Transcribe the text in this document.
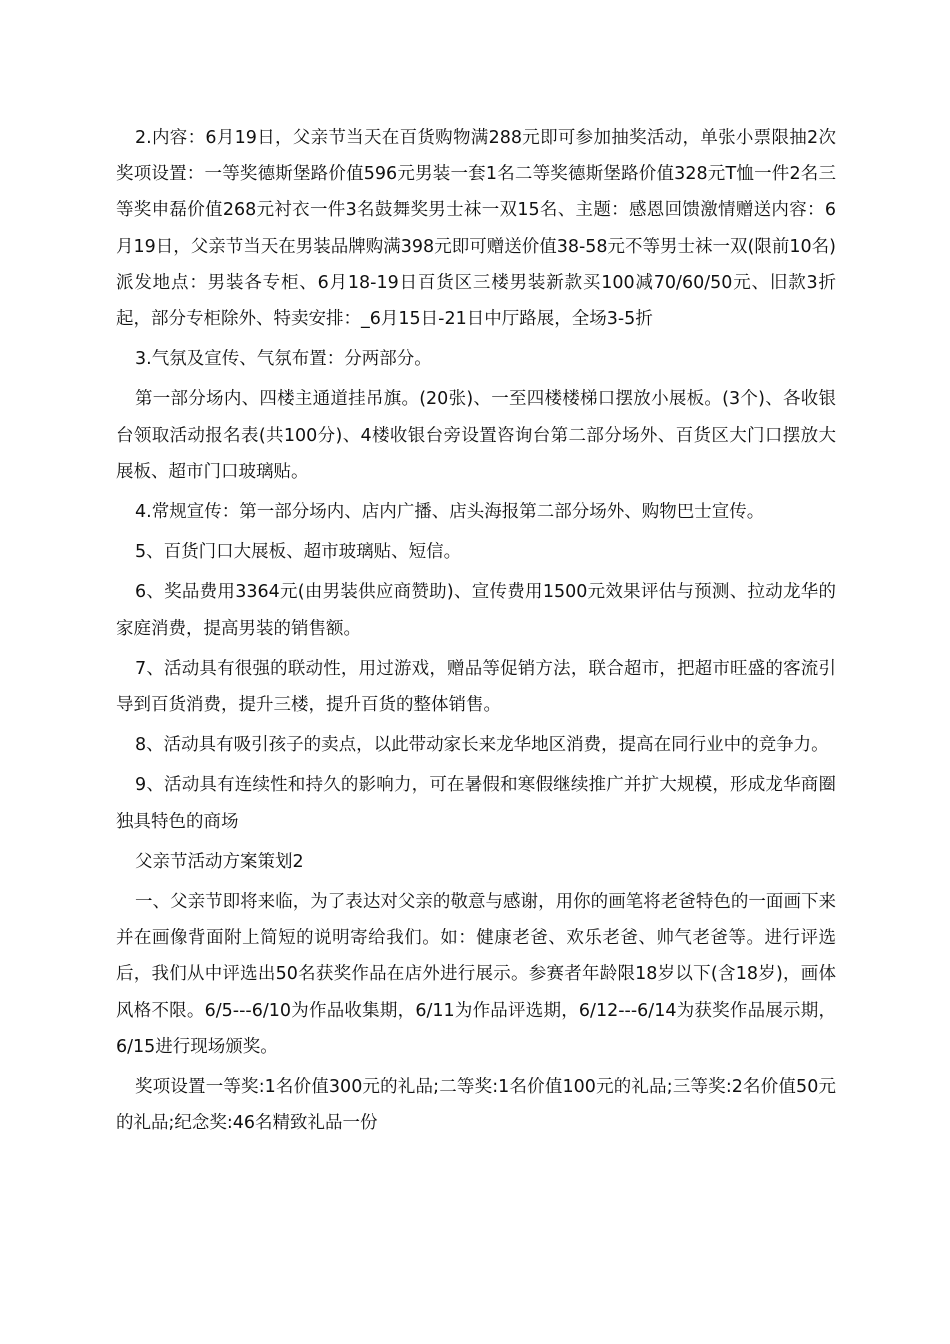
2.内容：6月19日，父亲节当天在百货购物满288元即可参加抽奖活动，单张小票限抽2次奖项设置：一等奖德斯堡路价值596元男装一套1名二等奖德斯堡路价值328元T恤一件2名三等奖申磊价值268元衬衣一件3名鼓舞奖男士袜一双15名、主题：感恩回馈激情赠送内容：6月19日，父亲节当天在男装品牌购满398元即可赠送价值38-58元不等男士袜一双(限前10名)派发地点：男装各专柜、6月18-19日百货区三楼男装新款买100减70/60/50元、旧款3折起，部分专柜除外、特卖安排：_6月15日-21日中厅路展，全场3-5折

3.气氛及宣传、气氛布置：分两部分。

第一部分场内、四楼主通道挂吊旗。(20张)、一至四楼楼梯口摆放小展板。(3个)、各收银台领取活动报名表(共100分)、4楼收银台旁设置咨询台第二部分场外、百货区大门口摆放大展板、超市门口玻璃贴。

4.常规宣传：第一部分场内、店内广播、店头海报第二部分场外、购物巴士宣传。

5、百货门口大展板、超市玻璃贴、短信。

6、奖品费用3364元(由男装供应商赞助)、宣传费用1500元效果评估与预测、拉动龙华的家庭消费，提高男装的销售额。

7、活动具有很强的联动性，用过游戏，赠品等促销方法，联合超市，把超市旺盛的客流引导到百货消费，提升三楼，提升百货的整体销售。

8、活动具有吸引孩子的卖点，以此带动家长来龙华地区消费，提高在同行业中的竞争力。

9、活动具有连续性和持久的影响力，可在暑假和寒假继续推广并扩大规模，形成龙华商圈独具特色的商场

父亲节活动方案策划2

一、父亲节即将来临，为了表达对父亲的敬意与感谢，用你的画笔将老爸特色的一面画下来并在画像背面附上简短的说明寄给我们。如：健康老爸、欢乐老爸、帅气老爸等。进行评选后，我们从中评选出50名获奖作品在店外进行展示。参赛者年龄限18岁以下(含18岁)，画体风格不限。6/5---6/10为作品收集期，6/11为作品评选期，6/12---6/14为获奖作品展示期，6/15进行现场颁奖。

奖项设置一等奖:1名价值300元的礼品;二等奖:1名价值100元的礼品;三等奖:2名价值50元的礼品;纪念奖:46名精致礼品一份
